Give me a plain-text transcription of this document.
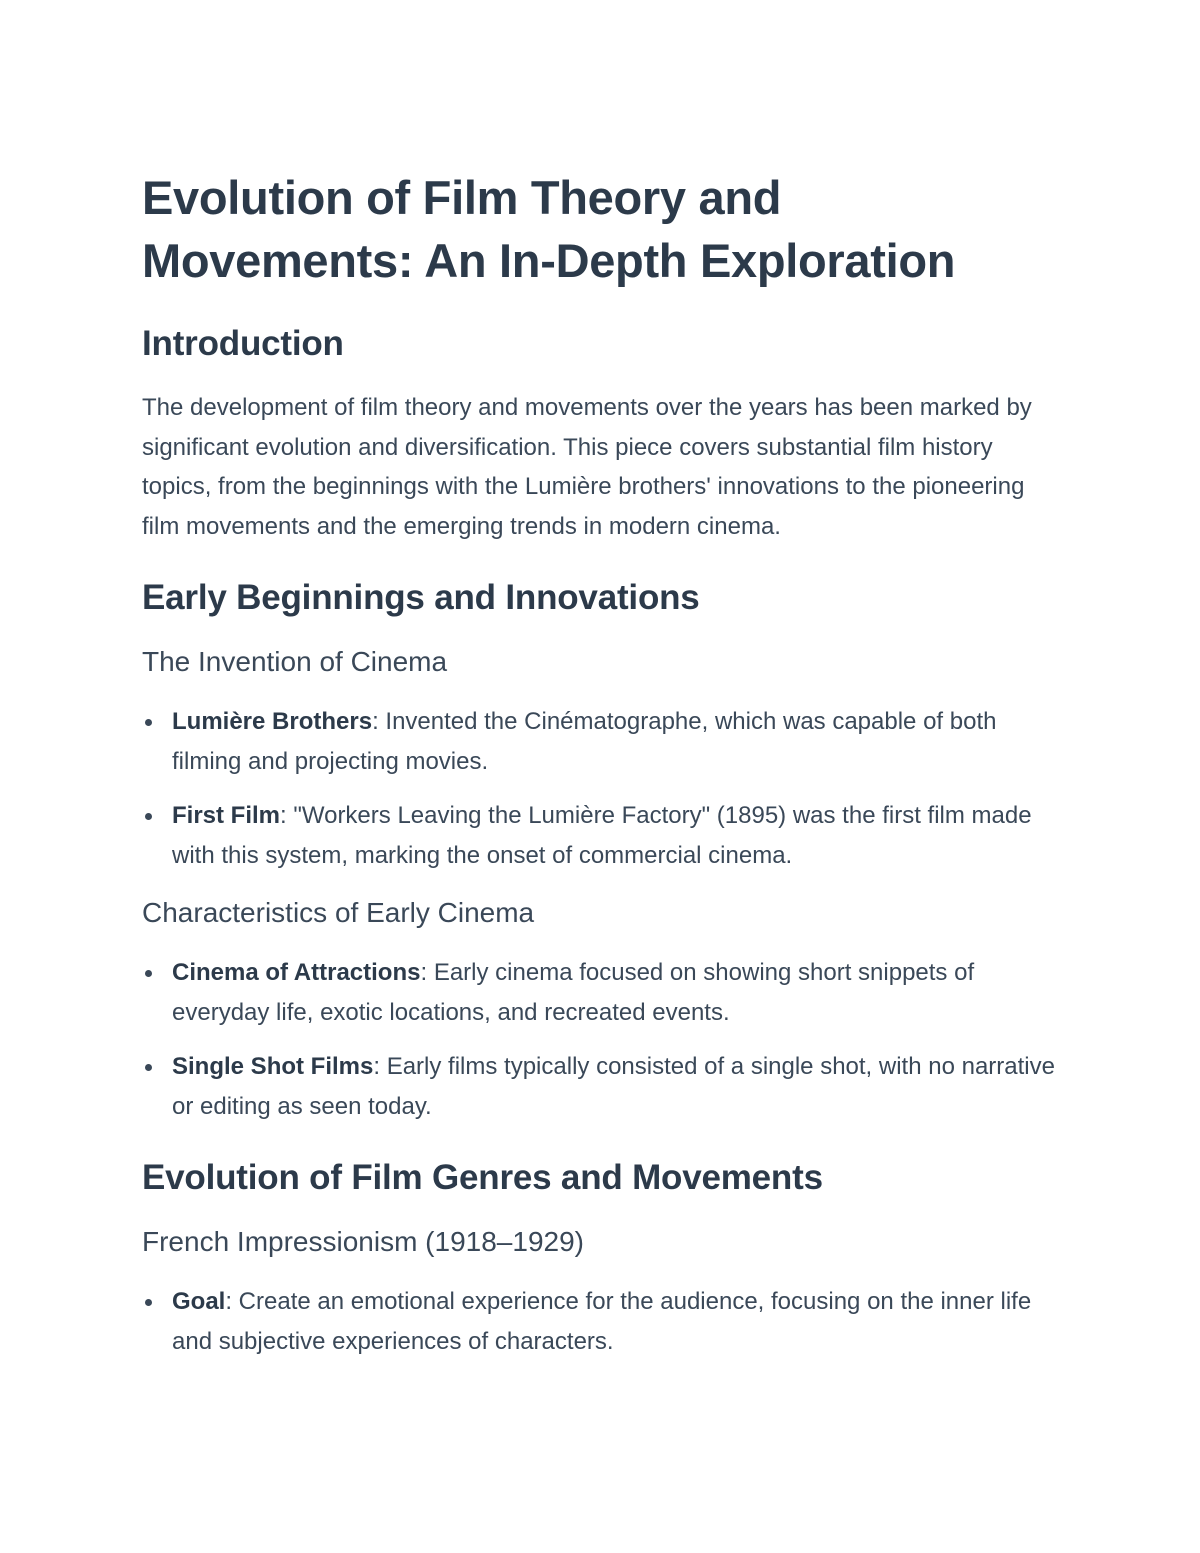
Evolution of Film Theory and Movements: An In-Depth Exploration
Introduction

The development of film theory and movements over the years has been marked by significant evolution and diversification. This piece covers substantial film history topics, from the beginnings with the Lumière brothers' innovations to the pioneering film movements and the emerging trends in modern cinema.

Early Beginnings and Innovations
The Invention of Cinema
Lumière Brothers: Invented the Cinématographe, which was capable of both filming and projecting movies.
First Film: "Workers Leaving the Lumière Factory" (1895) was the first film made with this system, marking the onset of commercial cinema.
Characteristics of Early Cinema
Cinema of Attractions: Early cinema focused on showing short snippets of everyday life, exotic locations, and recreated events.
Single Shot Films: Early films typically consisted of a single shot, with no narrative or editing as seen today.
Evolution of Film Genres and Movements
French Impressionism (1918–1929)
Goal: Create an emotional experience for the audience, focusing on the inner life and subjective experiences of characters.
